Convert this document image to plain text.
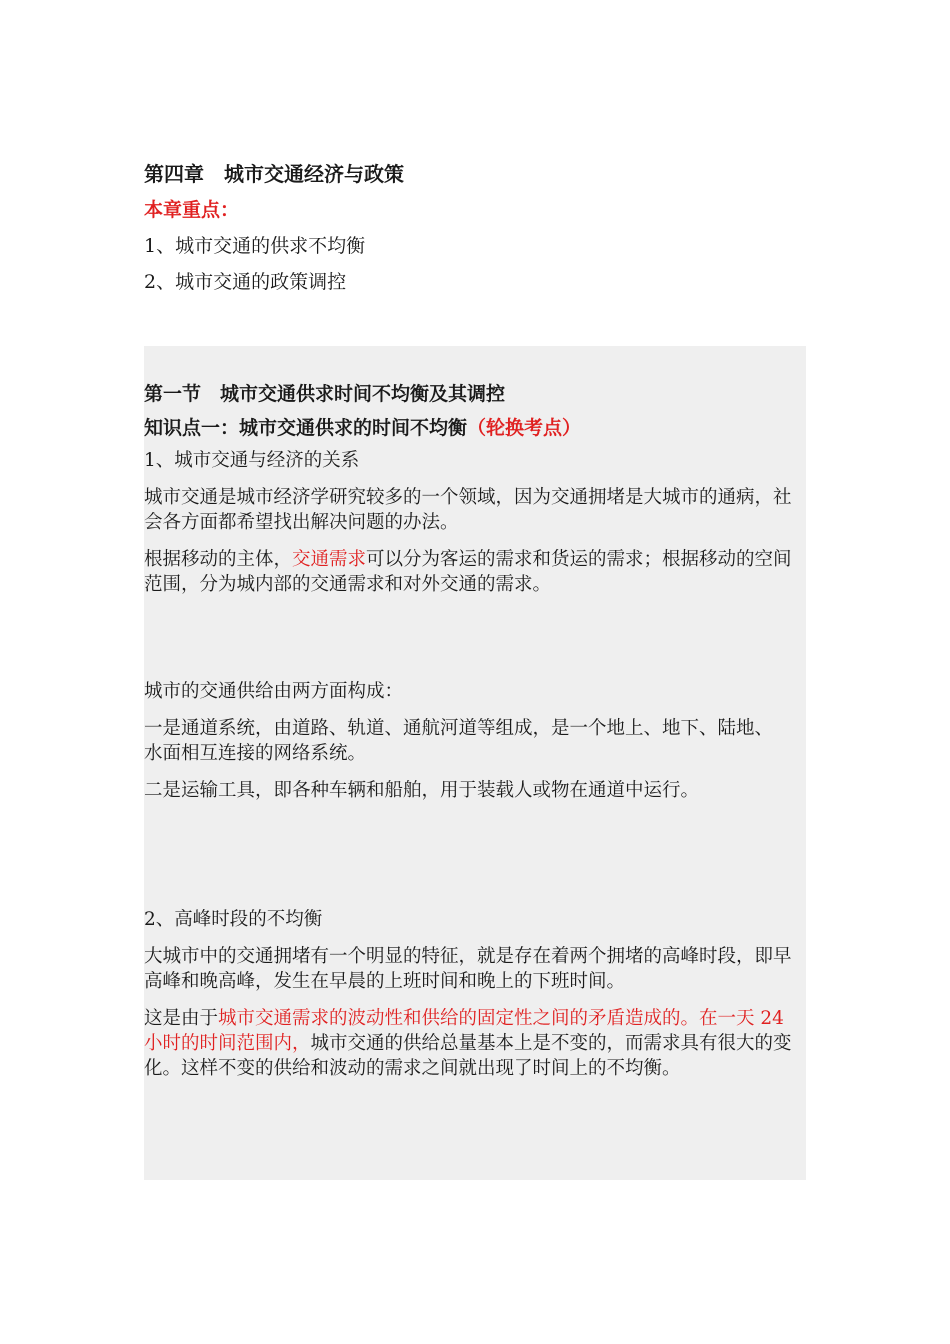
第四章　城市交通经济与政策

本章重点：

1、城市交通的供求不均衡

2、城市交通的政策调控

第一节　城市交通供求时间不均衡及其调控

知识点一：城市交通供求的时间不均衡（轮换考点）

1、城市交通与经济的关系

城市交通是城市经济学研究较多的一个领域，因为交通拥堵是大城市的通病，社会各方面都希望找出解决问题的办法。

根据移动的主体，交通需求可以分为客运的需求和货运的需求；根据移动的空间范围，分为城内部的交通需求和对外交通的需求。

城市的交通供给由两方面构成：

一是通道系统，由道路、轨道、通航河道等组成，是一个地上、地下、陆地、
水面相互连接的网络系统。

二是运输工具，即各种车辆和船舶，用于装载人或物在通道中运行。

2、高峰时段的不均衡

大城市中的交通拥堵有一个明显的特征，就是存在着两个拥堵的高峰时段，即早高峰和晚高峰，发生在早晨的上班时间和晚上的下班时间。

这是由于城市交通需求的波动性和供给的固定性之间的矛盾造成的。在一天 24 小时的时间范围内，城市交通的供给总量基本上是不变的，而需求具有很大的变化。这样不变的供给和波动的需求之间就出现了时间上的不均衡。
